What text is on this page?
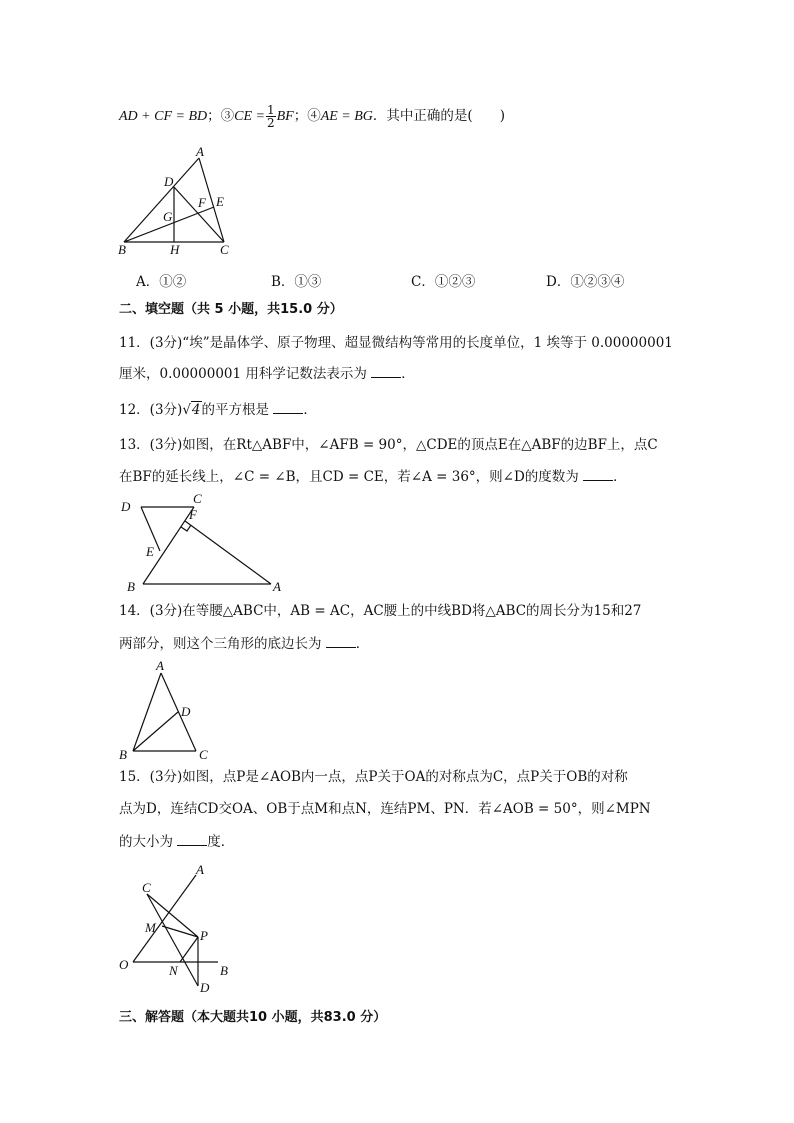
AD + CF = BD；③CE = $\frac{1}{2}$ BF；④AE = BG．其中正确的是(　　)
A
D
F E
G
B	H	C
A．①②	B．①③	C．①②③	D．①②③④
二、填空题（共 5 小题，共15.0 分）
11．(3分)“埃”是晶体学、原子物理、超显微结构等常用的长度单位，1 埃等于 0.00000001
厘米，0.00000001 用科学记数法表示为	．
12．(3分)√4的平方根是	．
13．(3分)如图，在Rt△ABF中，∠AFB = 90°，△CDE的顶点E在△ABF的边BF上，点C
在BF的延长线上，∠C = ∠B，且CD = CE，若∠A = 36°，则∠D的度数为	．
D
C
F
E
B	A
14．(3分)在等腰△ABC中，AB = AC，AC腰上的中线BD将△ABC的周长分为15和27
两部分，则这个三角形的底边长为	．
A
D
B	C
15．(3分)如图，点P是∠AOB内一点，点P关于OA的对称点为C，点P关于OB的对称
点为D，连结CD交OA、OB于点M和点N，连结PM、PN．若∠AOB = 50°，则∠MPN
的大小为	度．
A
C
M
P
O	N	B
D
三、解答题（本大题共10 小题，共83.0 分）
